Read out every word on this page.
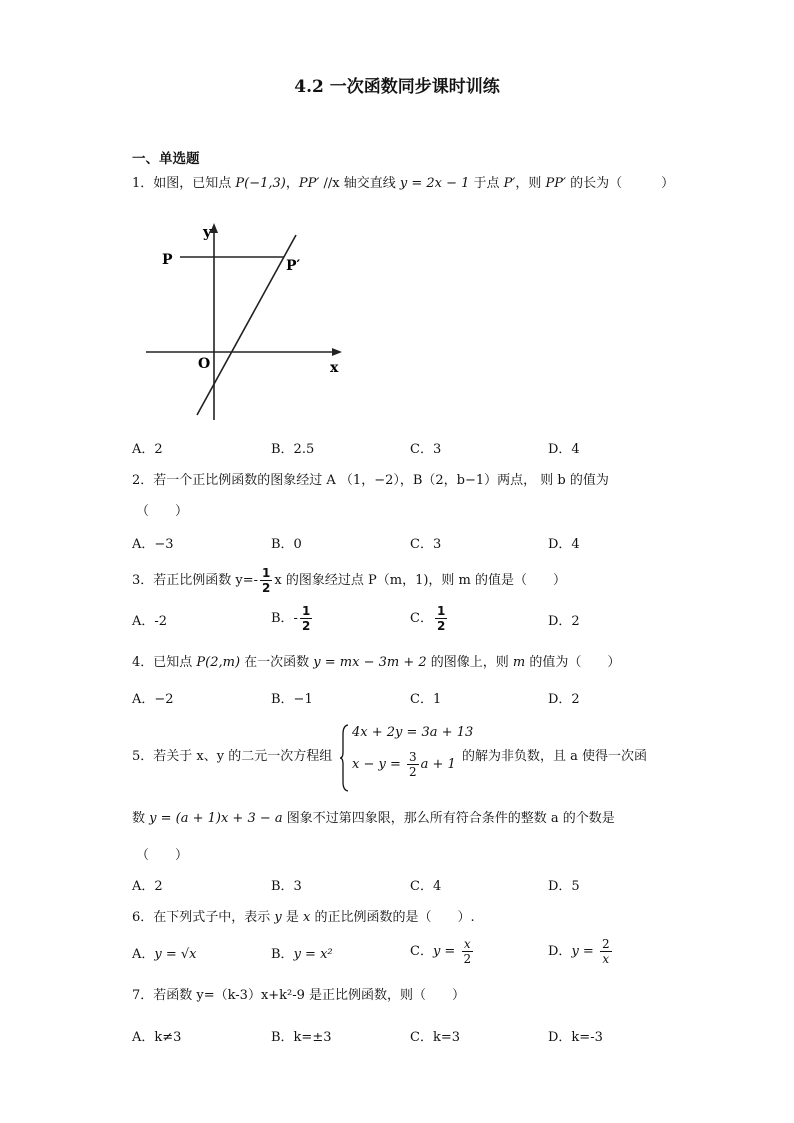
4.2 一次函数同步课时训练
一、单选题
1．如图，已知点 P(−1,3)，PP′ //x 轴交直线 y = 2x − 1 于点 P′，则 PP′ 的长为（　　　）
y
P	P′
O	x
A．2	B．2.5	C．3	D．4
2．若一个正比例函数的图象经过 A （1，−2），B（2，b−1）两点， 则 b 的值为
（　　）
A．−3	B．0	C．3	D．4
3．若正比例函数 $y=- \frac{1}{2}$ x 的图象经过点 P（m，1)，则 m 的值是（　　）
A．-2	B．- $\frac{1}{2}$	C． $\frac{1}{2}$	D．2
4．已知点 P(2,m) 在一次函数 y = mx − 3m + 2 的图像上，则 m 的值为（　　）
A．−2	B．−1	C．1	D．2
5．若关于 x、y 的二元一次方程组
4x + 2y = 3a + 13
$x - y = \frac{3}{2}$ a + 1
的解为非负数，且 a 使得一次函
数 y = (a + 1)x + 3 − a 图象不过第四象限，那么所有符合条件的整数 a 的个数是
（　　）
A．2	B．3	C．4	D．5
6．在下列式子中，表示 y 是 x 的正比例函数的是（　　）.
A．y = √x	B．y = x²	C．$y = \frac{x}{2}$	D．$y = \frac{2}{x}$
7．若函数 y=（k-3）x+k²-9 是正比例函数，则（　　）
A．k≠3	B．k=±3	C．k=3	D．k=-3
